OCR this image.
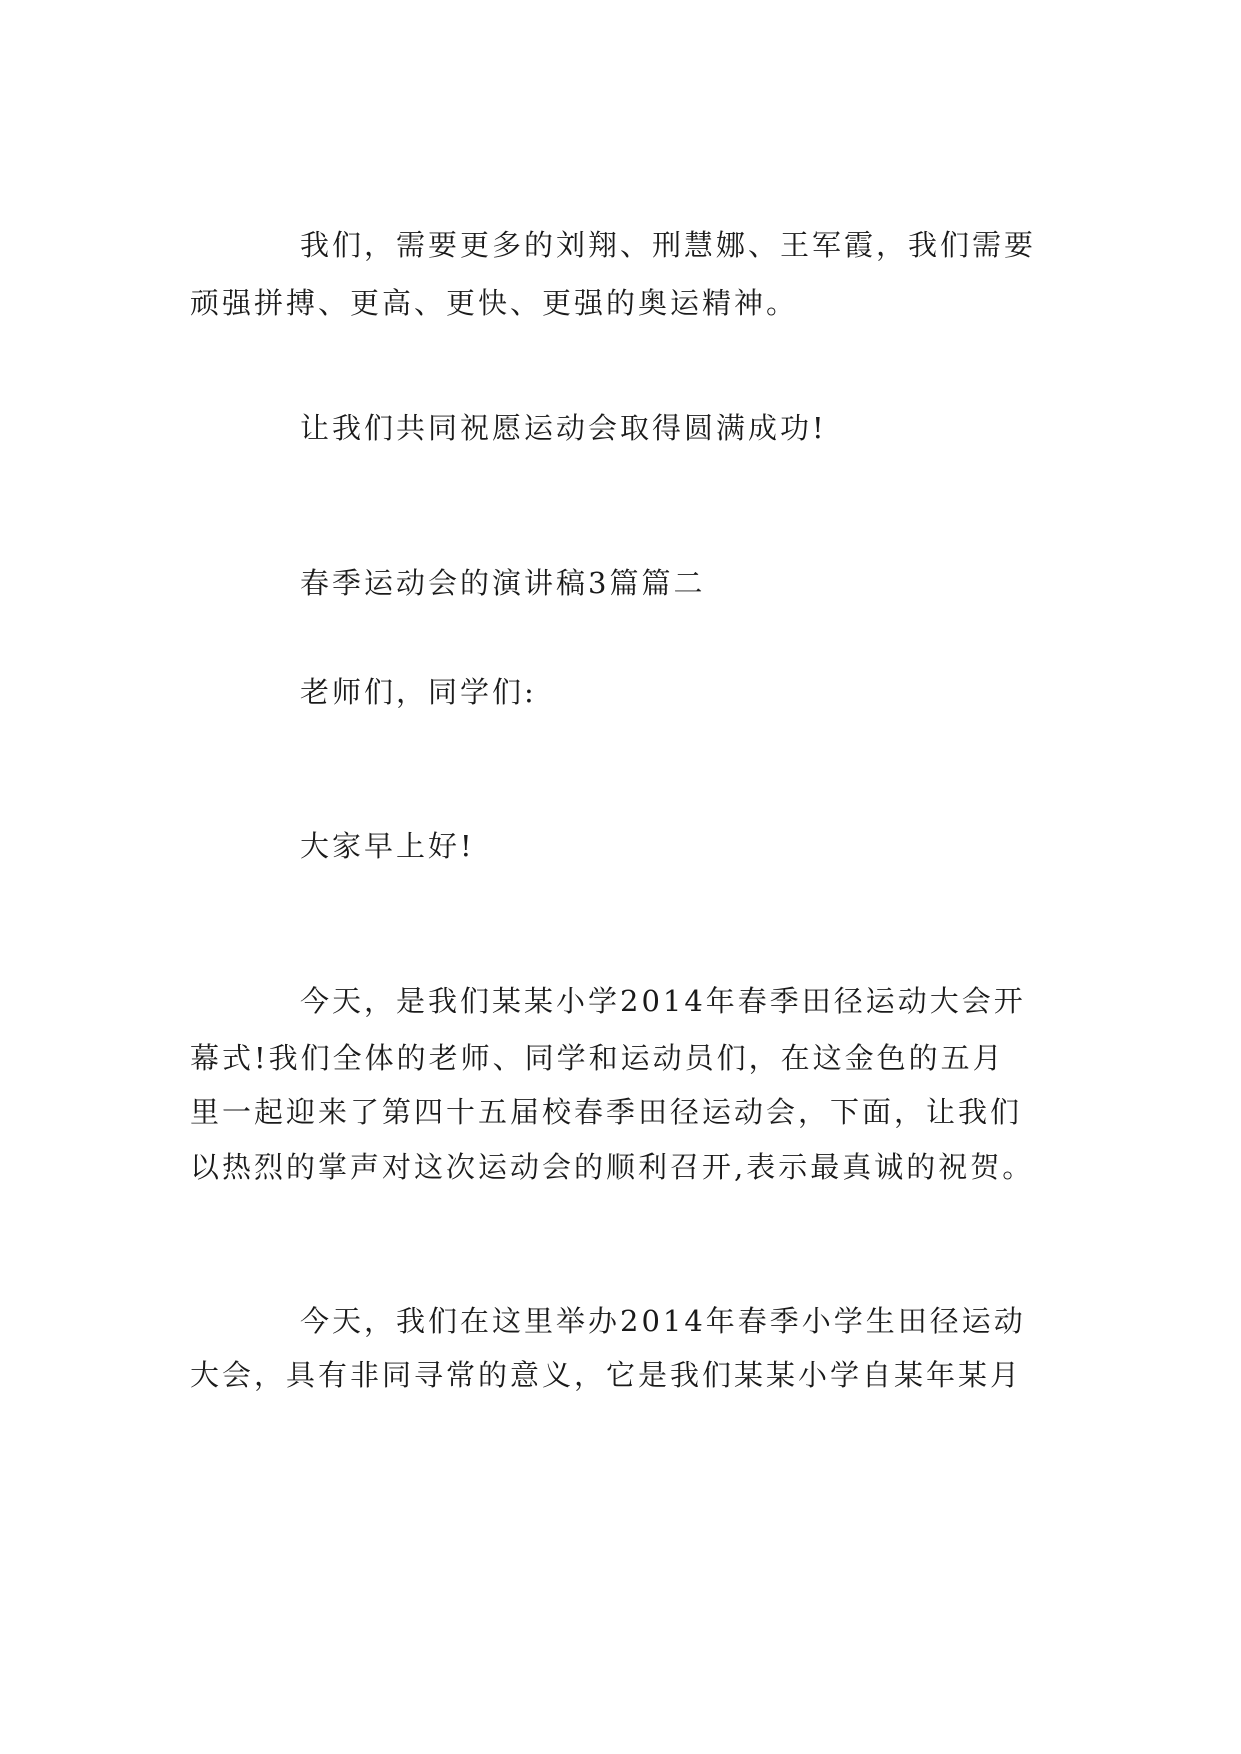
我们，需要更多的刘翔、刑慧娜、王军霞，我们需要
顽强拼搏、更高、更快、更强的奥运精神。
让我们共同祝愿运动会取得圆满成功!
春季运动会的演讲稿3篇篇二
老师们，同学们:
大家早上好!
今天，是我们某某小学2014年春季田径运动大会开
幕式!我们全体的老师、同学和运动员们，在这金色的五月
里一起迎来了第四十五届校春季田径运动会，下面，让我们
以热烈的掌声对这次运动会的顺利召开,表示最真诚的祝贺。
今天，我们在这里举办2014年春季小学生田径运动
大会，具有非同寻常的意义，它是我们某某小学自某年某月
